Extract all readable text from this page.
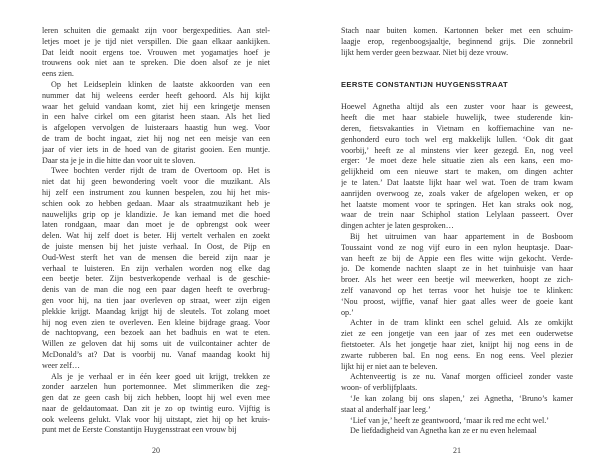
leren schuiten die gemaakt zijn voor bergexpedities. Aan stel-
letjes moet je je tijd niet verspillen. Die gaan elkaar aankijken.
Dat leidt nooit ergens toe. Vrouwen met yogamatjes hoef je
trouwens ook niet aan te spreken. Die doen alsof ze je niet
eens zien.
Op het Leidseplein klinken de laatste akkoorden van een
nummer dat hij weleens eerder heeft gehoord. Als hij kijkt
waar het geluid vandaan komt, ziet hij een kringetje mensen
in een halve cirkel om een gitarist heen staan. Als het lied
is afgelopen vervolgen de luisteraars haastig hun weg. Voor
de tram de bocht ingaat, ziet hij nog net een meisje van een
jaar of vier iets in de hoed van de gitarist gooien. Een muntje.
Daar sta je je in die hitte dan voor uit te sloven.
Twee bochten verder rijdt de tram de Overtoom op. Het is
niet dat hij geen bewondering voelt voor die muzikant. Als
hij zelf een instrument zou kunnen bespelen, zou hij het mis-
schien ook zo hebben gedaan. Maar als straatmuzikant heb je
nauwelijks grip op je klandizie. Je kan iemand met die hoed
laten rondgaan, maar dan moet je de opbrengst ook weer
delen. Wat hij zelf doet is beter. Hij vertelt verhalen en zoekt
de juiste mensen bij het juiste verhaal. In Oost, de Pijp en
Oud-West sterft het van de mensen die bereid zijn naar je
verhaal te luisteren. En zijn verhalen worden nog elke dag
een beetje beter. Zijn bestverkopende verhaal is de geschie-
denis van de man die nog een paar dagen heeft te overbrug-
gen voor hij, na tien jaar overleven op straat, weer zijn eigen
plekkie krijgt. Maandag krijgt hij de sleutels. Tot zolang moet
hij nog even zien te overleven. Een kleine bijdrage graag. Voor
de nachtopvang, een bezoek aan het badhuis en wat te eten.
Willen ze geloven dat hij soms uit de vuilcontainer achter de
McDonald’s at? Dat is voorbij nu. Vanaf maandag kookt hij
weer zelf…
Als je je verhaal er in één keer goed uit krijgt, trekken ze
zonder aarzelen hun portemonnee. Met slimmeriken die zeg-
gen dat ze geen cash bij zich hebben, loopt hij wel even mee
naar de geldautomaat. Dan zit je zo op twintig euro. Vijftig is
ook weleens gelukt. Vlak voor hij uitstapt, ziet hij op het kruis-
punt met de Eerste Constantijn Huygensstraat een vrouw bij
20
Stach naar buiten komen. Kartonnen beker met een schuim-
laagje erop, regenboogsjaaltje, beginnend grijs. Die zonnebril
lijkt hem verder geen bezwaar. Niet bij deze vrouw.
EERSTE CONSTANTIJN HUYGENSSTRAAT
Hoewel Agnetha altijd als een zuster voor haar is geweest,
heeft die met haar stabiele huwelijk, twee studerende kin-
deren, fietsvakanties in Vietnam en koffiemachine van ne-
genhonderd euro toch wel erg makkelijk lullen. ‘Ook dit gaat
voorbij,’ heeft ze al minstens vier keer gezegd. En, nog veel
erger: ‘Je moet deze hele situatie zien als een kans, een mo-
gelijkheid om een nieuwe start te maken, om dingen achter
je te laten.’ Dat laatste lijkt haar wel wat. Toen de tram kwam
aanrijden overwoog ze, zoals vaker de afgelopen weken, er op
het laatste moment voor te springen. Het kan straks ook nog,
waar de trein naar Schiphol station Lelylaan passeert. Over
dingen achter je laten gesproken…
Bij het uitruimen van haar appartement in de Bosboom
Toussaint vond ze nog vijf euro in een nylon heuptasje. Daar-
van heeft ze bij de Appie een fles witte wijn gekocht. Verde-
jo. De komende nachten slaapt ze in het tuinhuisje van haar
broer. Als het weer een beetje wil meewerken, hoopt ze zich-
zelf vanavond op het terras voor het huisje toe te klinken:
‘Nou proost, wijffie, vanaf hier gaat alles weer de goeie kant
op.’
Achter in de tram klinkt een schel geluid. Als ze omkijkt
ziet ze een jongetje van een jaar of zes met een ouderwetse
fietstoeter. Als het jongetje haar ziet, knijpt hij nog eens in de
zwarte rubberen bal. En nog eens. En nog eens. Veel plezier
lijkt hij er niet aan te beleven.
Achtenveertig is ze nu. Vanaf morgen officieel zonder vaste
woon- of verblijfplaats.
‘Je kan zolang bij ons slapen,’ zei Agnetha, ‘Bruno’s kamer
staat al anderhalf jaar leeg.’
‘Lief van je,’ heeft ze geantwoord, ‘maar ik red me echt wel.’
De liefdadigheid van Agnetha kan ze er nu even helemaal
21
